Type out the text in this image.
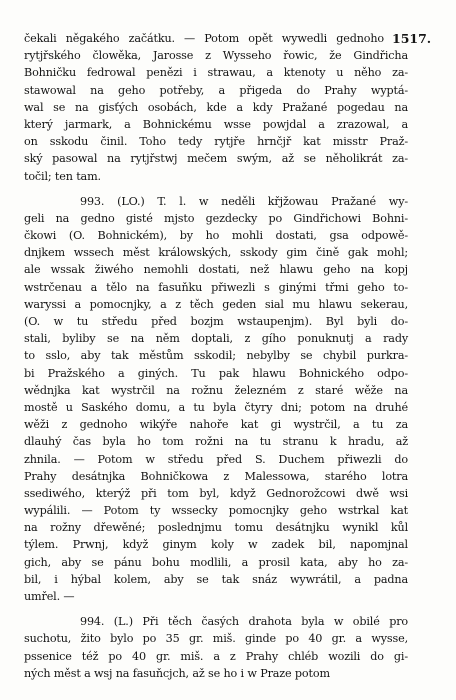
1517.
čekali něgakého začátku. — Potom opět wywedli gednoho
rytjřského člowěka, Jarosse z Wysseho řowic, že Gindřicha
Bohničku fedrowal penězi i strawau, a ktenoty u něho za-
stawowal na geho potřeby, a přigeda do Prahy wyptá-
wal se na gisťých osobách, kde a kdy Pražané pogedau na
který jarmark, a Bohnickému wsse powjdal a zrazowal, a
on sskodu činil. Toho tedy rytjře hrnčjř kat misstr Praž-
ský pasowal na rytjřstwj mečem swým, až se něholikrát za-
točil; ten tam.
993. (LO.) T. l. w neděli křjžowau Pražané wy-
geli na gedno gisté mjsto gezdecky po Gindřichowi Bohni-
čkowi (O. Bohnickém), by ho mohli dostati, gsa odpowě-
dnjkem wssech měst králowských, sskody gim čině gak mohl;
ale wssak žiwého nemohli dostati, než hlawu geho na kopj
wstrčenau a tělo na fasuňku přiwezli s ginými třmi geho to-
waryssi a pomocnjky, a z těch geden sial mu hlawu sekerau,
(O. w tu středu před bozjm wstaupenjm). Byl byli do-
stali, byliby se na něm doptali, z gího ponuknutj a rady
to sslo, aby tak městům sskodil; nebylby se chybil purkra-
bi Pražského a giných. Tu pak hlawu Bohnického odpo-
wědnjka kat wystrčil na rožnu železném z staré wěže na
mostě u Saského domu, a tu byla čtyry dni; potom na druhé
wěži z gednoho wikýře nahoře kat gi wystrčil, a tu za
dlauhý čas byla ho tom rožni na tu stranu k hradu, až
zhnila. — Potom w středu před S. Duchem přiwezli do
Prahy desátnjka Bohničkowa z Malessowa, starého lotra
ssediwého, kterýž při tom byl, když Gednorožcowi dwě wsi
wypálili. — Potom ty wssecky pomocnjky geho wstrkal kat
na rožny dřewěné; poslednjmu tomu desátnjku wynikl kůl
týlem. Prwnj, když ginym koly w zadek bil, napomjnal
gich, aby se pánu bohu modlili, a prosil kata, aby ho za-
bil, i hýbal kolem, aby se tak snáz wywrátil, a padna
umřel. —
994. (L.) Při těch časých drahota byla w obilé pro
suchotu, žito bylo po 35 gr. miš. ginde po 40 gr. a wysse,
pssenice též po 40 gr. miš. a z Prahy chléb wozili do gi-
ných měst a wsj na fasuňcjch, až se ho i w Praze potom
